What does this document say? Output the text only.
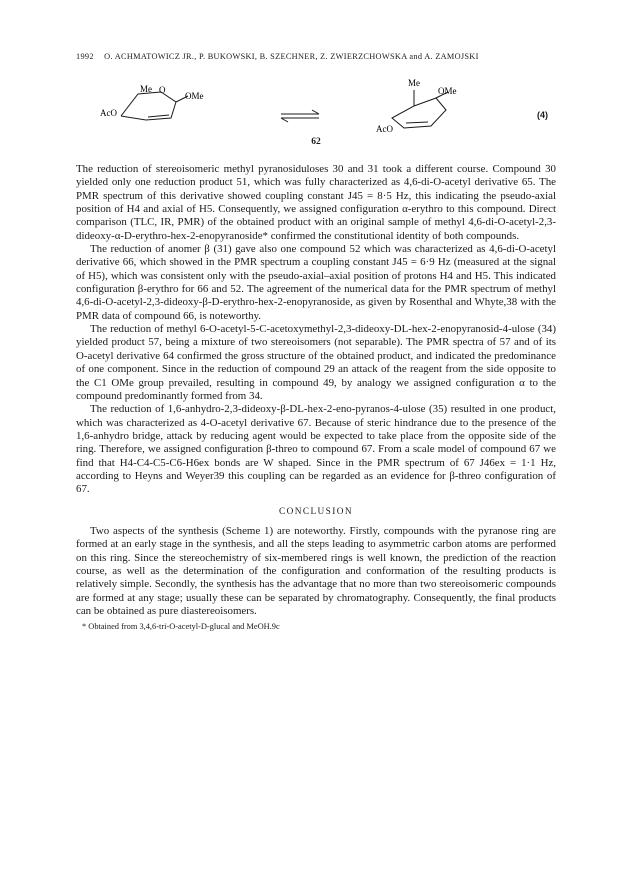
1992 O. ACHMATOWICZ JR., P. BUKOWSKI, B. SZECHNER, Z. ZWIERZCHOWSKA and A. ZAMOJSKI
Me O
OMe
AcO
Me
OMe
AcO
(4)
62

The reduction of stereoisomeric methyl pyranosiduloses 30 and 31 took a different course. Compound 30 yielded only one reduction product 51, which was fully characterized as 4,6-di-O-acetyl derivative 65. The PMR spectrum of this derivative showed coupling constant J45 = 8·5 Hz, this indicating the pseudo-axial position of H4 and axial of H5. Consequently, we assigned configuration α-erythro to this compound. Direct comparison (TLC, IR, PMR) of the obtained product with an original sample of methyl 4,6-di-O-acetyl-2,3-dideoxy-α-D-erythro-hex-2-enopyranoside* confirmed the constitutional identity of both compounds.

The reduction of anomer β (31) gave also one compound 52 which was characterized as 4,6-di-O-acetyl derivative 66, which showed in the PMR spectrum a coupling constant J45 = 6·9 Hz (measured at the signal of H5), which was consistent only with the pseudo-axial–axial position of protons H4 and H5. This indicated configuration β-erythro for 66 and 52. The agreement of the numerical data for the PMR spectrum of methyl 4,6-di-O-acetyl-2,3-dideoxy-β-D-erythro-hex-2-enopyranoside, as given by Rosenthal and Whyte,38 with the PMR data of compound 66, is noteworthy.

The reduction of methyl 6-O-acetyl-5-C-acetoxymethyl-2,3-dideoxy-DL-hex-2-enopyranosid-4-ulose (34) yielded product 57, being a mixture of two stereoisomers (not separable). The PMR spectra of 57 and of its O-acetyl derivative 64 confirmed the gross structure of the obtained product, and indicated the predominance of one component. Since in the reduction of compound 29 an attack of the reagent from the side opposite to the C1 OMe group prevailed, resulting in compound 49, by analogy we assigned configuration α to the compound predominantly formed from 34.

The reduction of 1,6-anhydro-2,3-dideoxy-β-DL-hex-2-eno-pyranos-4-ulose (35) resulted in one product, which was characterized as 4-O-acetyl derivative 67. Because of steric hindrance due to the presence of the 1,6-anhydro bridge, attack by reducing agent would be expected to take place from the opposite side of the ring. Therefore, we assigned configuration β-threo to compound 67. From a scale model of compound 67 we find that H4-C4-C5-C6-H6ex bonds are W shaped. Since in the PMR spectrum of 67 J46ex = 1·1 Hz, according to Heyns and Weyer39 this coupling can be regarded as an evidence for β-threo configuration of 67.

CONCLUSION

Two aspects of the synthesis (Scheme 1) are noteworthy. Firstly, compounds with the pyranose ring are formed at an early stage in the synthesis, and all the steps leading to asymmetric carbon atoms are performed on this ring. Since the stereochemistry of six-membered rings is well known, the prediction of the reaction course, as well as the determination of the configuration and conformation of the resulting products is relatively simple. Secondly, the synthesis has the advantage that no more than two stereoisomeric compounds are formed at any stage; usually these can be separated by chromatography. Consequently, the final products can be obtained as pure diastereoisomers.

* Obtained from 3,4,6-tri-O-acetyl-D-glucal and MeOH.9c
